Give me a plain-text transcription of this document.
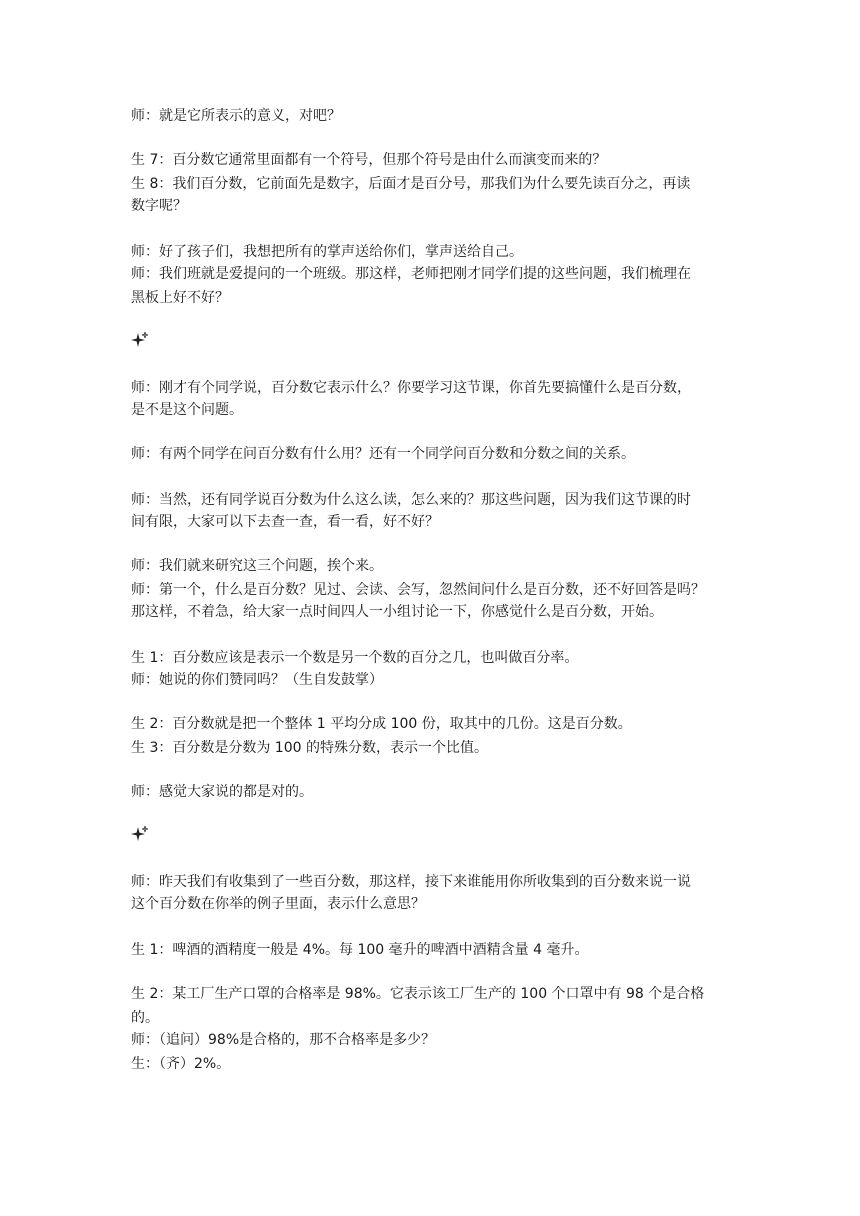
师：就是它所表示的意义，对吧？
生 7：百分数它通常里面都有一个符号，但那个符号是由什么而演变而来的？
生 8：我们百分数，它前面先是数字，后面才是百分号，那我们为什么要先读百分之，再读
数字呢？
师：好了孩子们，我想把所有的掌声送给你们，掌声送给自己。
师：我们班就是爱提问的一个班级。那这样，老师把刚才同学们提的这些问题，我们梳理在
黑板上好不好？
师：刚才有个同学说，百分数它表示什么？你要学习这节课，你首先要搞懂什么是百分数，
是不是这个问题。
师：有两个同学在问百分数有什么用？还有一个同学问百分数和分数之间的关系。
师：当然，还有同学说百分数为什么这么读，怎么来的？那这些问题，因为我们这节课的时
间有限，大家可以下去查一查，看一看，好不好？
师：我们就来研究这三个问题，挨个来。
师：第一个，什么是百分数？见过、会读、会写，忽然间问什么是百分数，还不好回答是吗？
那这样，不着急，给大家一点时间四人一小组讨论一下，你感觉什么是百分数，开始。
生 1：百分数应该是表示一个数是另一个数的百分之几，也叫做百分率。
师：她说的你们赞同吗？（生自发鼓掌）
生 2：百分数就是把一个整体 1 平均分成 100 份，取其中的几份。这是百分数。
生 3：百分数是分数为 100 的特殊分数，表示一个比值。
师：感觉大家说的都是对的。
师：昨天我们有收集到了一些百分数，那这样，接下来谁能用你所收集到的百分数来说一说
这个百分数在你举的例子里面，表示什么意思？
生 1：啤酒的酒精度一般是 4%。每 100 毫升的啤酒中酒精含量 4 毫升。
生 2：某工厂生产口罩的合格率是 98%。它表示该工厂生产的 100 个口罩中有 98 个是合格
的。
师：（追问）98%是合格的，那不合格率是多少？
生：（齐）2%。
